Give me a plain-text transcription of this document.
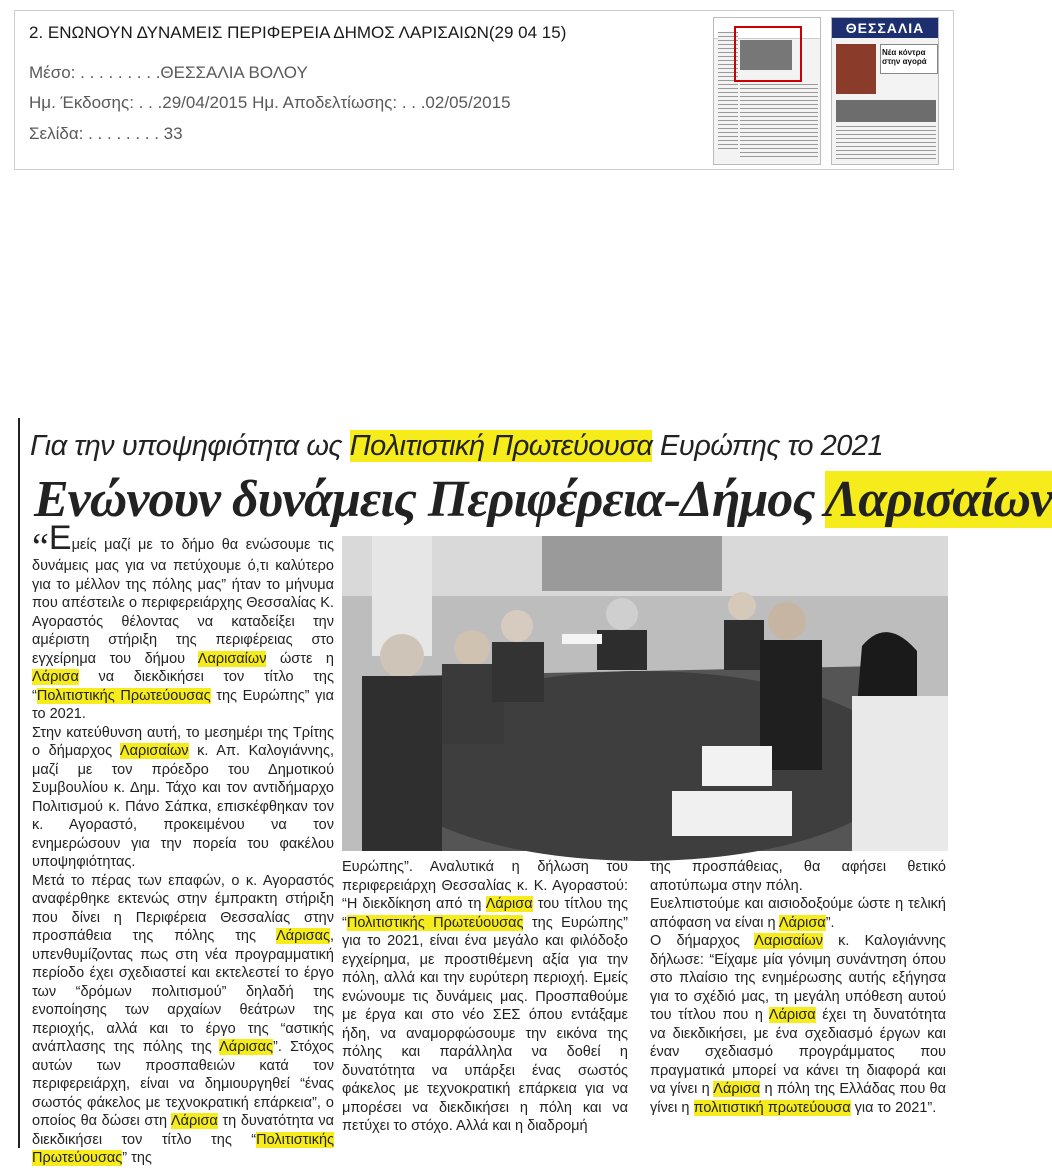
2. ΕΝΩΝΟΥΝ ΔΥΝΑΜΕΙΣ ΠΕΡΙΦΕΡΕΙΑ ΔΗΜΟΣ ΛΑΡΙΣΑΙΩΝ(29 04 15)
Μέσο: . . . . . . . . .ΘΕΣΣΑΛΙΑ ΒΟΛΟΥ
Ημ. Έκδοσης: . . .29/04/2015 Ημ. Αποδελτίωσης: . . .02/05/2015
Σελίδα: . . . . . . . . 33
ΘΕΣΣΑΛΙΑ
Νέα κόντρα στην αγορά
Για την υποψηφιότητα ως Πολιτιστική Πρωτεύουσα Ευρώπης το 2021
Ενώνουν δυνάμεις Περιφέρεια-Δήμος Λαρισαίων

“Εμείς μαζί με το δήμο θα ενώσουμε τις δυνάμεις μας για να πετύχουμε ό,τι καλύτερο για το μέλλον της πόλης μας” ήταν το μήνυμα που απέστειλε ο περιφερειάρχης Θεσσαλίας Κ. Αγοραστός θέλοντας να καταδείξει την αμέριστη στήριξη της περιφέρειας στο εγχείρημα του δήμου Λαρισαίων ώστε η Λάρισα να διεκδικήσει τον τίτλο της “Πολιτιστικής Πρωτεύουσας της Ευρώπης” για το 2021.

Στην κατεύθυνση αυτή, το μεσημέρι της Τρίτης ο δήμαρχος Λαρισαίων κ. Απ. Καλογιάννης, μαζί με τον πρόεδρο του Δημοτικού Συμβουλίου κ. Δημ. Τάχο και τον αντιδήμαρχο Πολιτισμού κ. Πάνο Σάπκα, επισκέφθηκαν τον κ. Αγοραστό, προκειμένου να τον ενημερώσουν για την πορεία του φακέλου υποψηφιότητας.

Μετά το πέρας των επαφών, ο κ. Αγοραστός αναφέρθηκε εκτενώς στην έμπρακτη στήριξη που δίνει η Περιφέρεια Θεσσαλίας στην προσπάθεια της πόλης της Λάρισας, υπενθυμίζοντας πως στη νέα προγραμματική περίοδο έχει σχεδιαστεί και εκτελεστεί το έργο των “δρόμων πολιτισμού” δηλαδή της ενοποίησης των αρχαίων θεάτρων της περιοχής, αλλά και το έργο της “αστικής ανάπλασης της πόλης της Λάρισας”. Στόχος αυτών των προσπαθειών κατά τον περιφερειάρχη, είναι να δημιουργηθεί “ένας σωστός φάκελος με τεχνοκρατική επάρκεια”, ο οποίος θα δώσει στη Λάρισα τη δυνατότητα να διεκδικήσει τον τίτλο της “Πολιτιστικής Πρωτεύουσας” της

Ευρώπης”. Αναλυτικά η δήλωση του περιφερειάρχη Θεσσαλίας κ. Κ. Αγοραστού: “Η διεκδίκηση από τη Λάρισα του τίτλου της “Πολιτιστικής Πρωτεύουσας της Ευρώπης” για το 2021, είναι ένα μεγάλο και φιλόδοξο εγχείρημα, με προστιθέμενη αξία για την πόλη, αλλά και την ευρύτερη περιοχή. Εμείς ενώνουμε τις δυνάμεις μας. Προσπαθούμε με έργα και στο νέο ΣΕΣ όπου εντάξαμε ήδη, να αναμορφώσουμε την εικόνα της πόλης και παράλληλα να δοθεί η δυνατότητα να υπάρξει ένας σωστός φάκελος με τεχνοκρατική επάρκεια για να μπορέσει να διεκδικήσει η πόλη και να πετύχει το στόχο. Αλλά και η διαδρομή

της προσπάθειας, θα αφήσει θετικό αποτύπωμα στην πόλη.

Ευελπιστούμε και αισιοδοξούμε ώστε η τελική απόφαση να είναι η Λάρισα”.

Ο δήμαρχος Λαρισαίων κ. Καλογιάννης δήλωσε: “Είχαμε μία γόνιμη συνάντηση όπου στο πλαίσιο της ενημέρωσης αυτής εξήγησα για το σχέδιό μας, τη μεγάλη υπόθεση αυτού του τίτλου που η Λάρισα έχει τη δυνατότητα να διεκδικήσει, με ένα σχεδιασμό έργων και έναν σχεδιασμό προγράμματος που πραγματικά μπορεί να κάνει τη διαφορά και να γίνει η Λάρισα η πόλη της Ελλάδας που θα γίνει η πολιτιστική πρωτεύουσα για το 2021”.
